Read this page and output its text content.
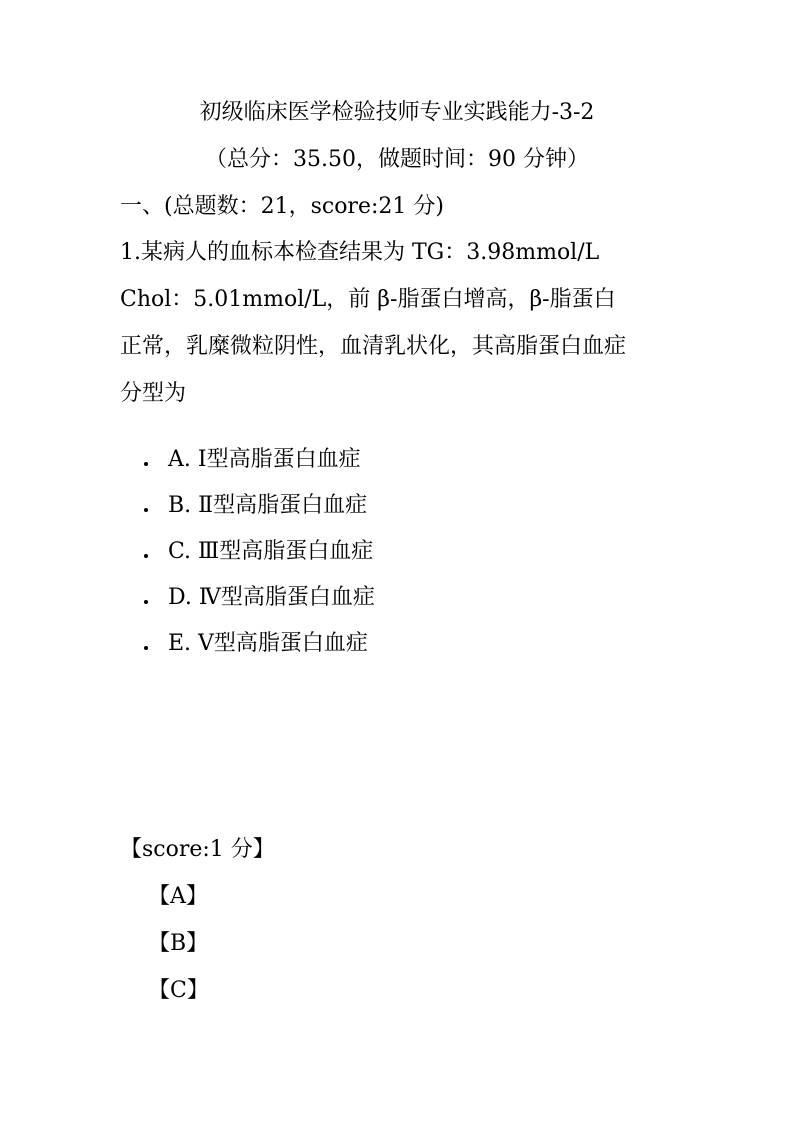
初级临床医学检验技师专业实践能力-3-2
（总分：35.50，做题时间：90 分钟）
一、(总题数：21，score:21 分)
1.某病人的血标本检查结果为 TG：3.98mmol/L
Chol：5.01mmol/L，前 β-脂蛋白增高，β-脂蛋白
正常，乳糜微粒阴性，血清乳状化，其高脂蛋白血症
分型为
A. Ⅰ型高脂蛋白血症
B. Ⅱ型高脂蛋白血症
C. Ⅲ型高脂蛋白血症
D. Ⅳ型高脂蛋白血症
E. Ⅴ型高脂蛋白血症
【score:1 分】
【A】
【B】
【C】
